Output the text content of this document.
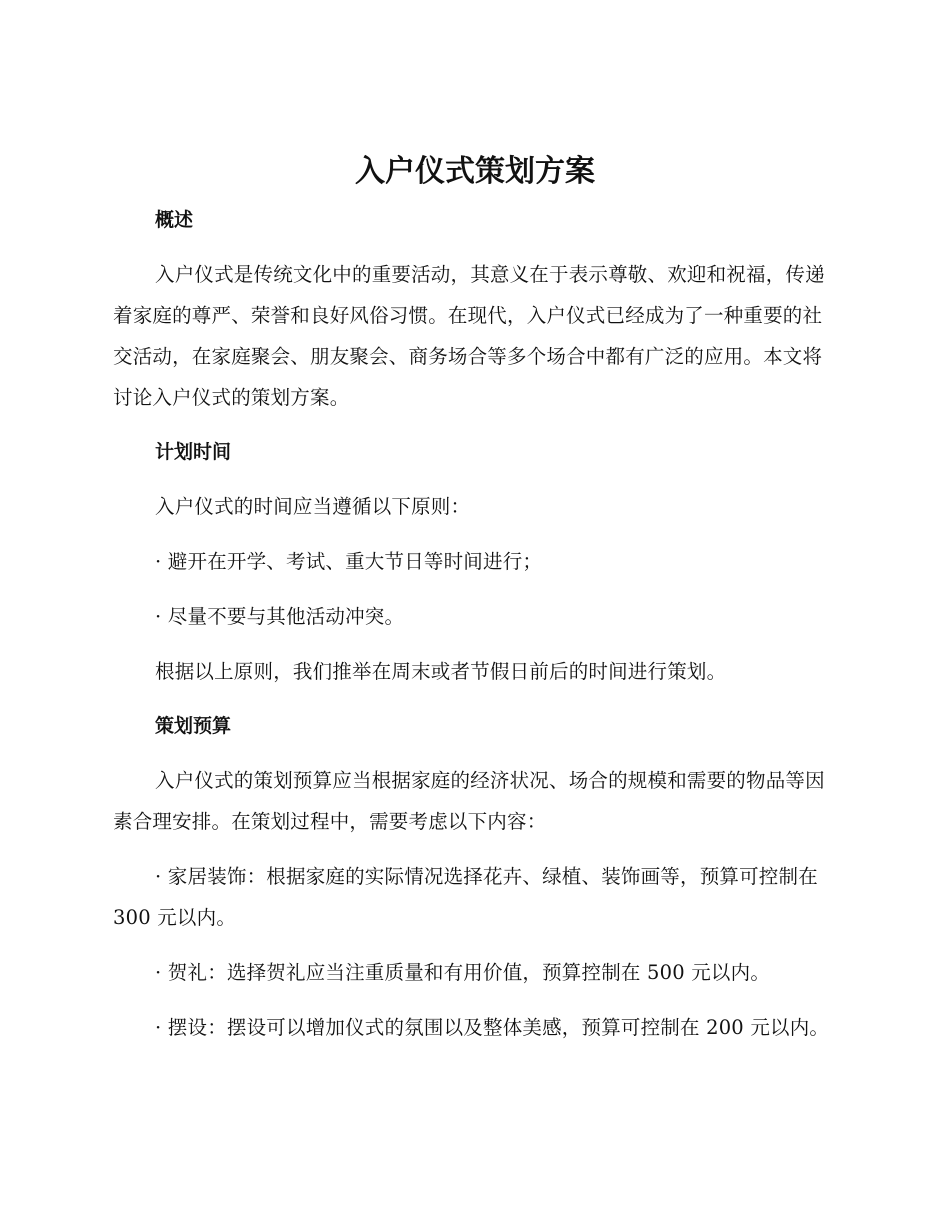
入户仪式策划方案
概述

入户仪式是传统文化中的重要活动，其意义在于表示尊敬、欢迎和祝福，传递着家庭的尊严、荣誉和良好风俗习惯。在现代，入户仪式已经成为了一种重要的社交活动，在家庭聚会、朋友聚会、商务场合等多个场合中都有广泛的应用。本文将讨论入户仪式的策划方案。

计划时间

入户仪式的时间应当遵循以下原则：

· 避开在开学、考试、重大节日等时间进行；

· 尽量不要与其他活动冲突。

根据以上原则，我们推举在周末或者节假日前后的时间进行策划。

策划预算

入户仪式的策划预算应当根据家庭的经济状况、场合的规模和需要的物品等因素合理安排。在策划过程中，需要考虑以下内容：

· 家居装饰：根据家庭的实际情况选择花卉、绿植、装饰画等，预算可控制在 300 元以内。

· 贺礼：选择贺礼应当注重质量和有用价值，预算控制在 500 元以内。

· 摆设：摆设可以增加仪式的氛围以及整体美感，预算可控制在 200 元以内。
